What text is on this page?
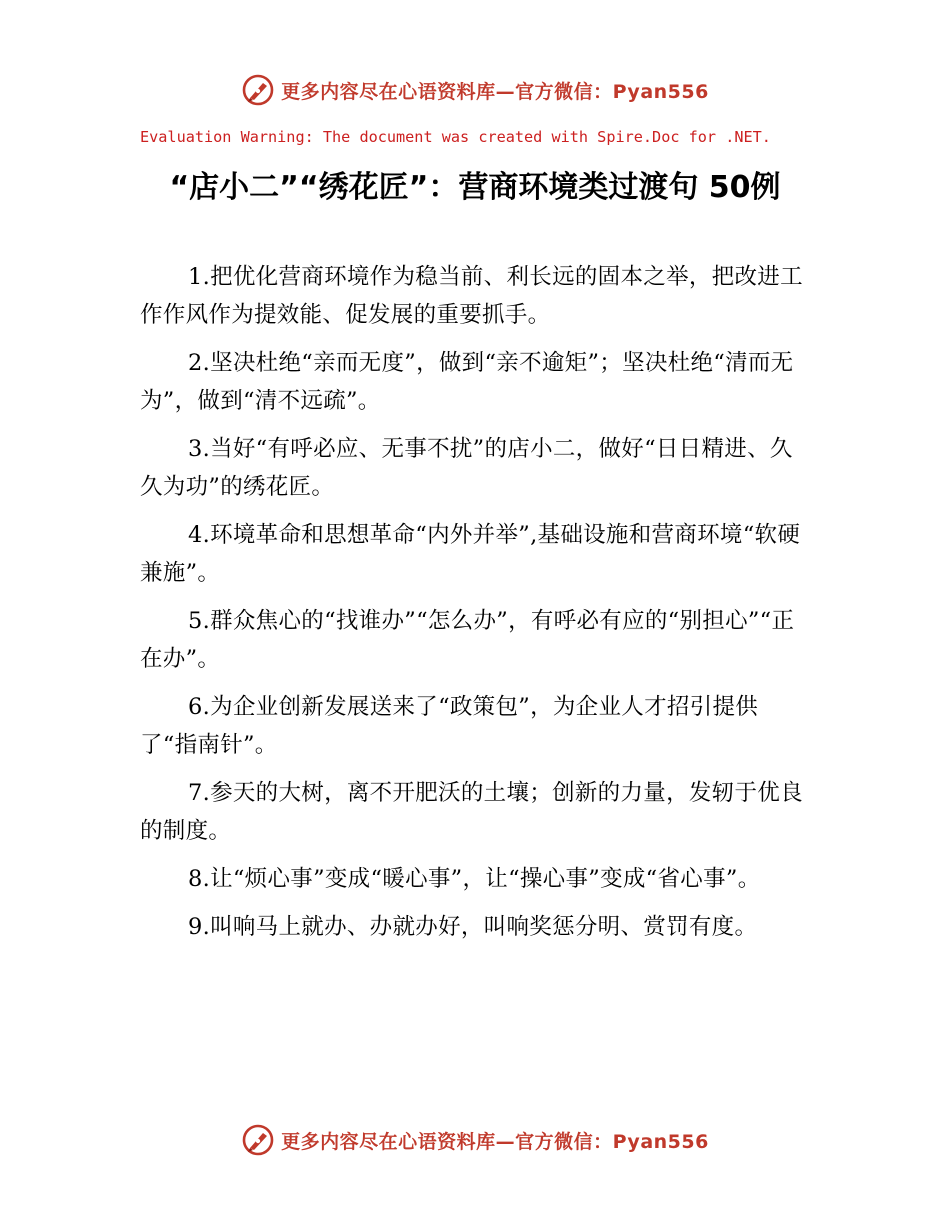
更多内容尽在心语资料库—官方微信：Pyan556
Evaluation Warning: The document was created with Spire.Doc for .NET.
“店小二”“绣花匠”：营商环境类过渡句 50例

1.把优化营商环境作为稳当前、利长远的固本之举，把改进工作作风作为提效能、促发展的重要抓手。

2.坚决杜绝“亲而无度”，做到“亲不逾矩”；坚决杜绝“清而无为”，做到“清不远疏”。

3.当好“有呼必应、无事不扰”的店小二，做好“日日精进、久久为功”的绣花匠。

4.环境革命和思想革命“内外并举”,基础设施和营商环境“软硬兼施”。

5.群众焦心的“找谁办”“怎么办”，有呼必有应的“别担心”“正在办”。

6.为企业创新发展送来了“政策包”，为企业人才招引提供了“指南针”。

7.参天的大树，离不开肥沃的土壤；创新的力量，发轫于优良的制度。

8.让“烦心事”变成“暖心事”，让“操心事”变成“省心事”。

9.叫响马上就办、办就办好，叫响奖惩分明、赏罚有度。

更多内容尽在心语资料库—官方微信：Pyan556
